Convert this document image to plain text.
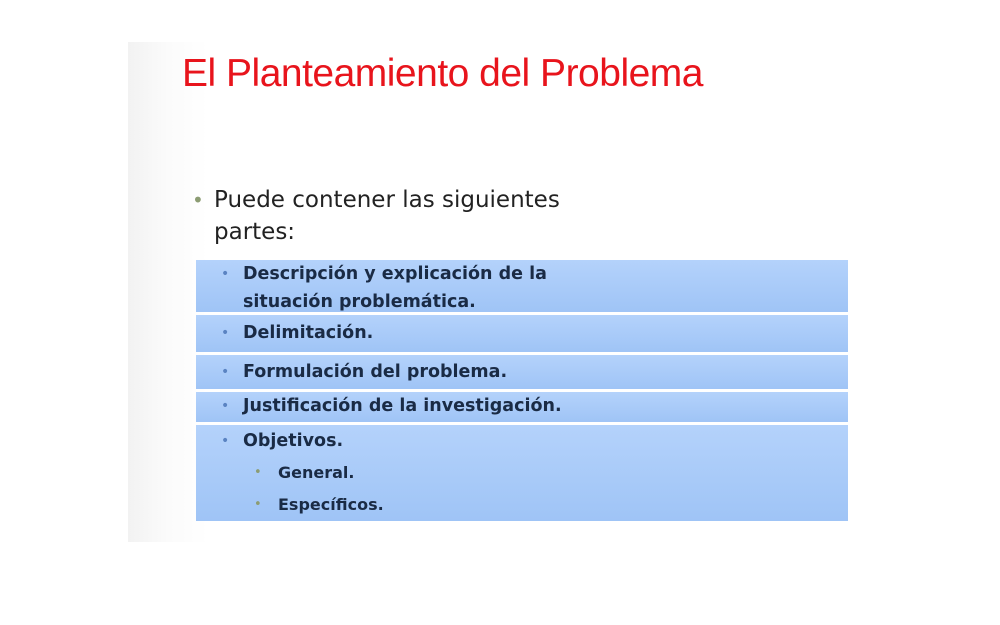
El Planteamiento del Problema
• Puede contener las siguientes partes:
• Descripción y explicación de la situación problemática.
• Delimitación.
• Formulación del problema.
• Justificación de la investigación.
• Objetivos.
•	General.
•	Específicos.
